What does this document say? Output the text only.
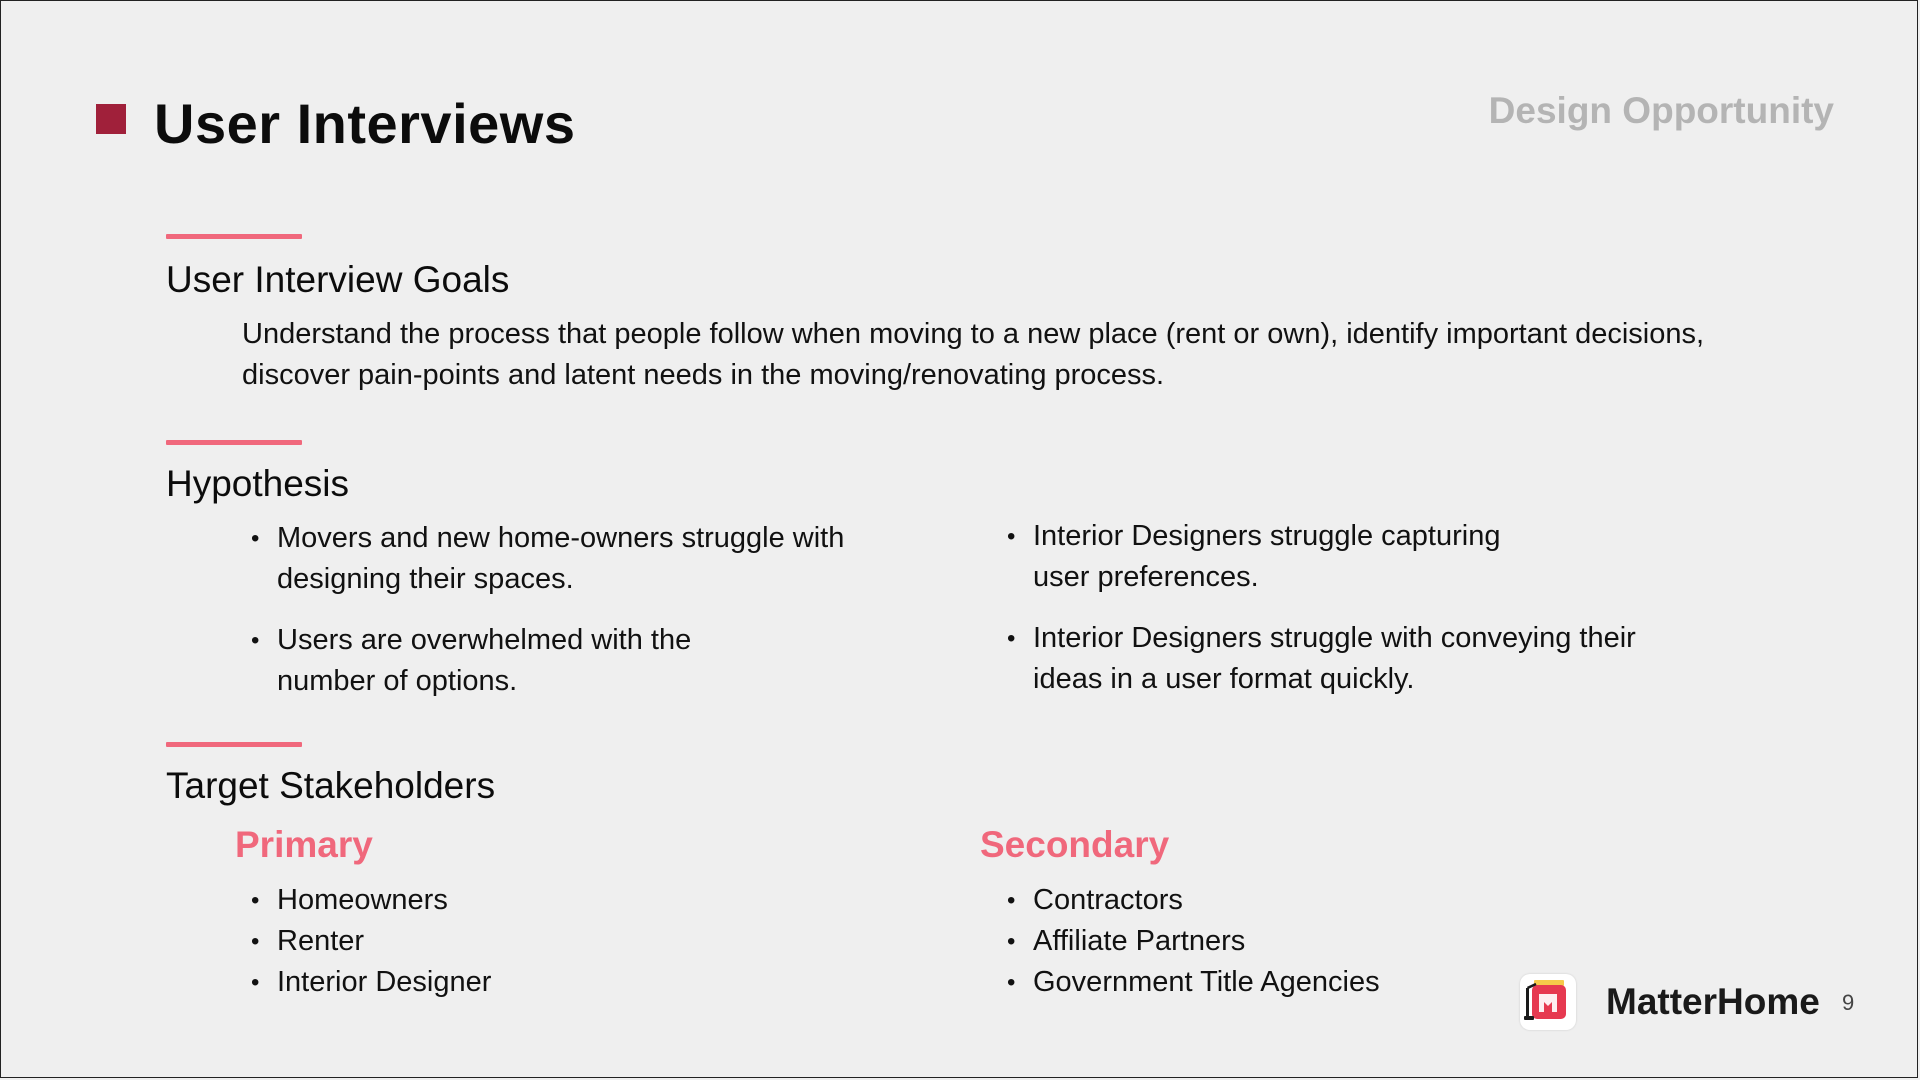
User Interviews	Design Opportunity
User Interview Goals
Understand the process that people follow when moving to a new place (rent or own), identify important decisions,
discover pain-points and latent needs in the moving/renovating process.
Hypothesis
• Movers and new home-owners struggle with
designing their spaces.
• Users are overwhelmed with the
number of options.
• Interior Designers struggle capturing
user preferences.
• Interior Designers struggle with conveying their
ideas in a user format quickly.
Target Stakeholders
Primary
• Homeowners
• Renter
• Interior Designer
Secondary
• Contractors
• Affiliate Partners
• Government Title Agencies	MatterHome 9
